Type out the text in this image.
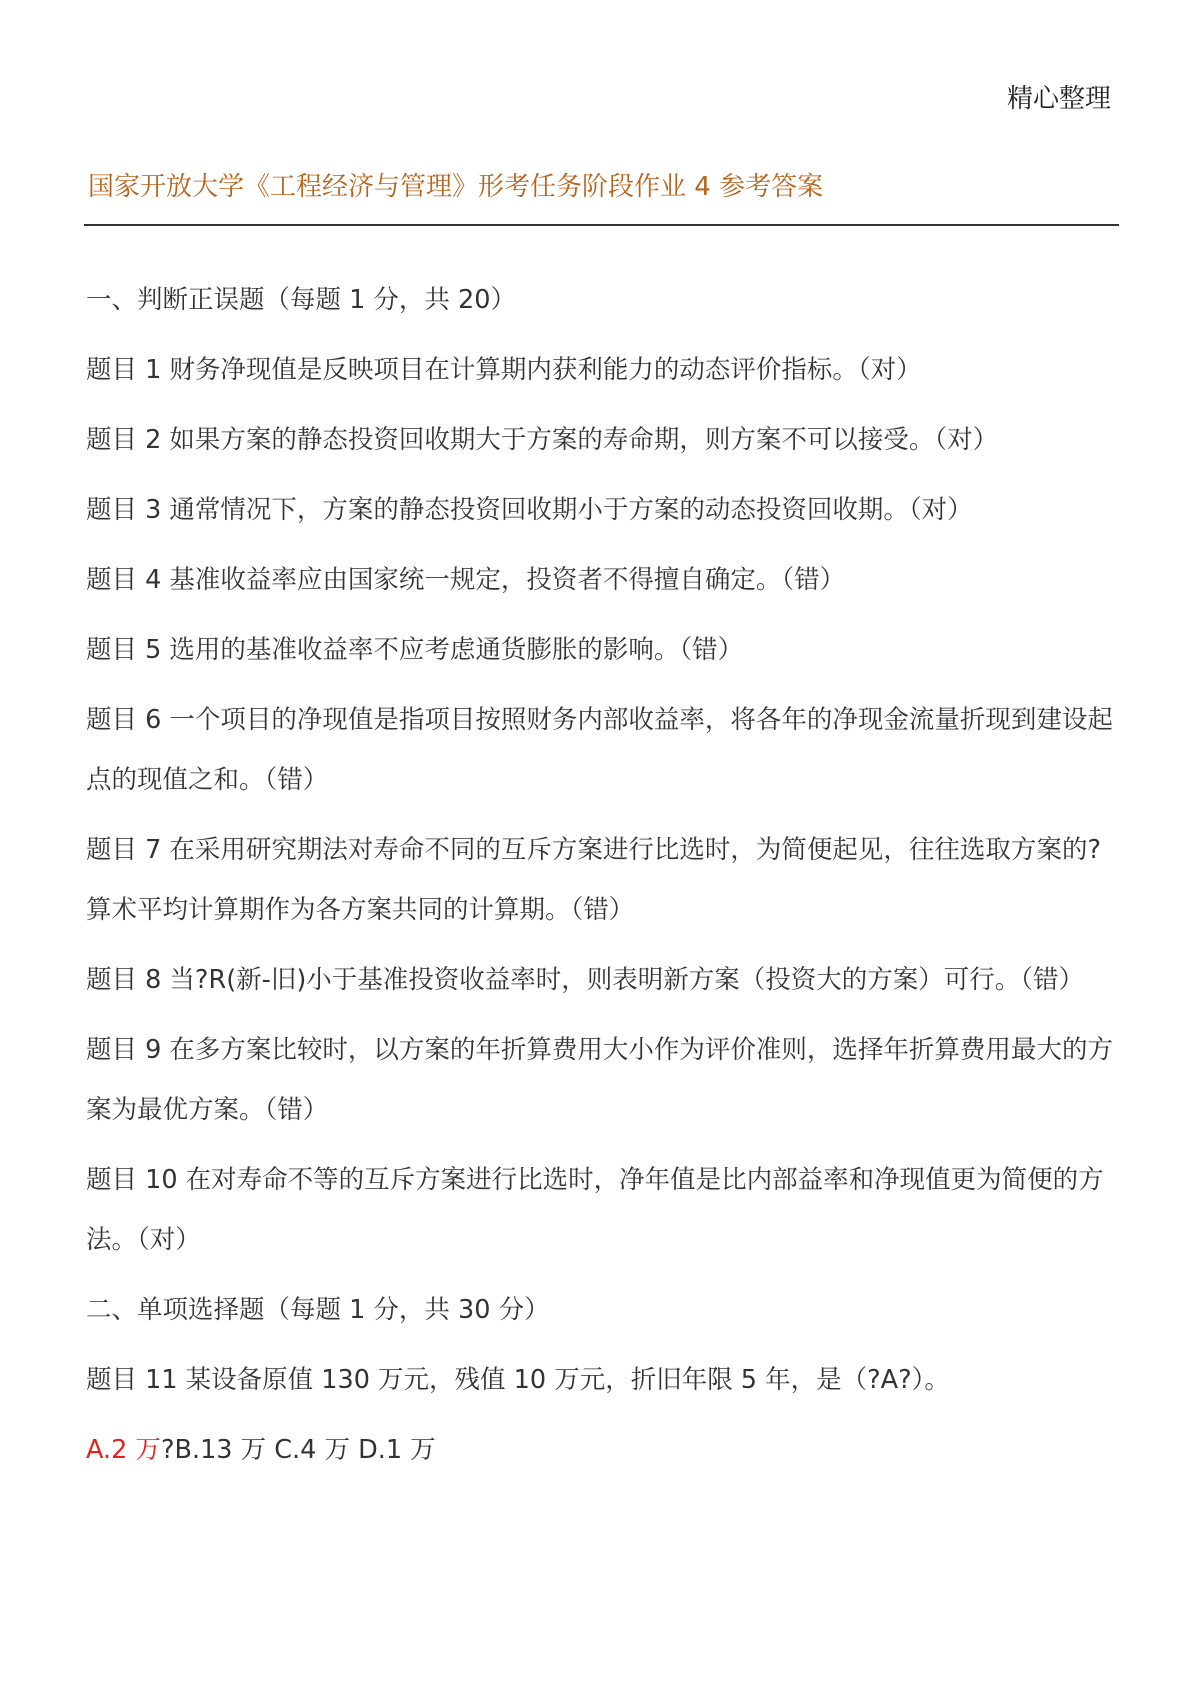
精心整理
国家开放大学《工程经济与管理》形考任务阶段作业 4 参考答案

一、判断正误题（每题 1 分，共 20）

题目 1 财务净现值是反映项目在计算期内获利能力的动态评价指标。（对）

题目 2 如果方案的静态投资回收期大于方案的寿命期，则方案不可以接受。（对）

题目 3 通常情况下，方案的静态投资回收期小于方案的动态投资回收期。（对）

题目 4 基准收益率应由国家统一规定，投资者不得擅自确定。（错）

题目 5 选用的基准收益率不应考虑通货膨胀的影响。（错）

题目 6 一个项目的净现值是指项目按照财务内部收益率，将各年的净现金流量折现到建设起点的现值之和。（错）

题目 7 在采用研究期法对寿命不同的互斥方案进行比选时，为简便起见，往往选取方案的?算术平均计算期作为各方案共同的计算期。（错）

题目 8 当?R(新-旧)小于基准投资收益率时，则表明新方案（投资大的方案）可行。（错）

题目 9 在多方案比较时，以方案的年折算费用大小作为评价准则，选择年折算费用最大的方案为最优方案。（错）

题目 10 在对寿命不等的互斥方案进行比选时，净年值是比内部益率和净现值更为简便的方法。（对）

二、单项选择题（每题 1 分，共 30 分）

题目 11 某设备原值 130 万元，残值 10 万元，折旧年限 5 年，是（?A?）。

A.2 万?B.13 万 C.4 万 D.1 万
